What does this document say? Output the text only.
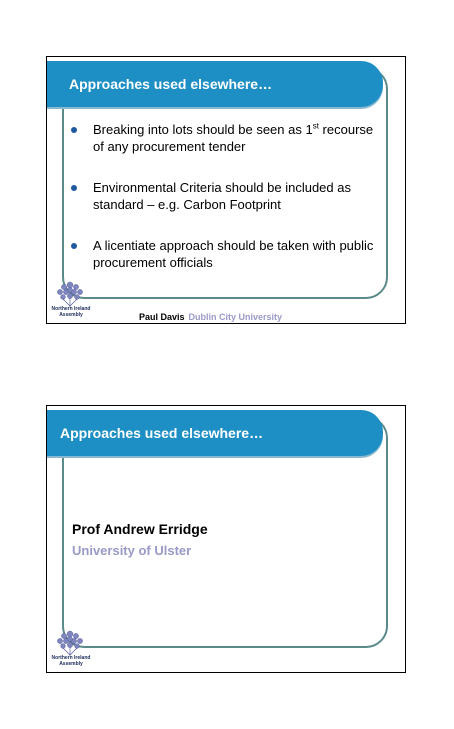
Approaches used elsewhere…
Breaking into lots should be seen as 1st recourse of any procurement tender
Environmental Criteria should be included as standard – e.g. Carbon Footprint
A licentiate approach should be taken with public procurement officials
Northern Ireland
Assembly	Paul Davis Dublin City University
Approaches used elsewhere…
Prof Andrew Erridge
University of Ulster
Northern Ireland
Assembly
